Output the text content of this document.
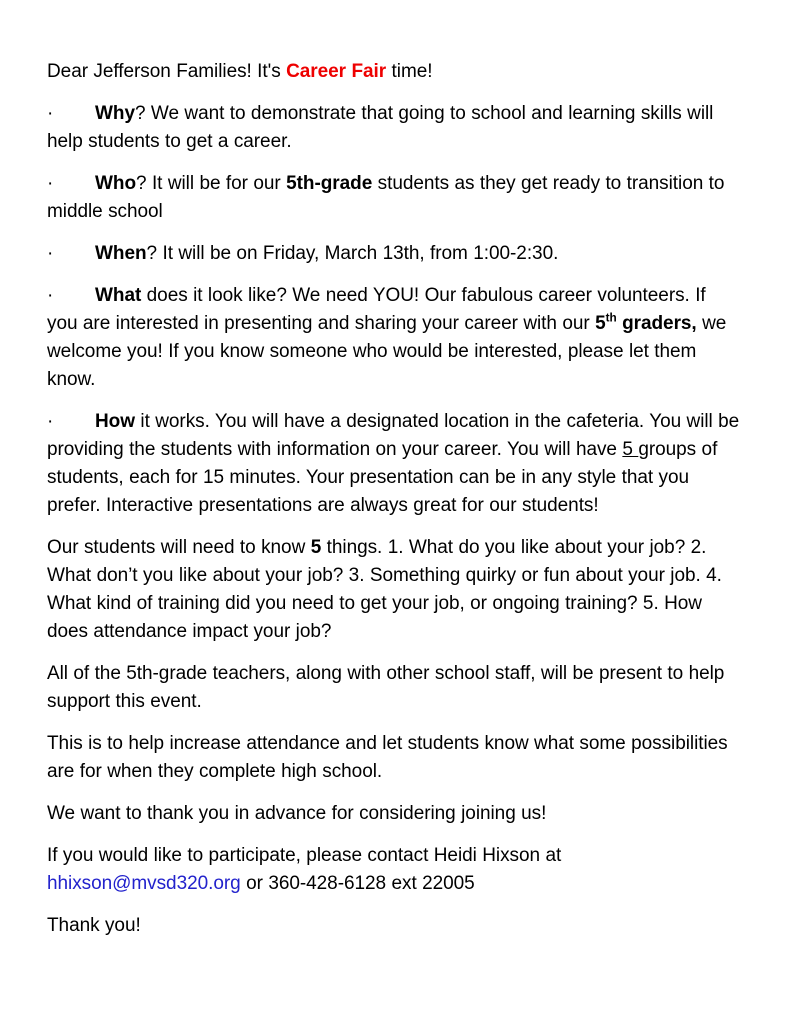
Dear Jefferson Families! It's Career Fair time!

· Why? We want to demonstrate that going to school and learning skills will help students to get a career.

· Who? It will be for our 5th-grade students as they get ready to transition to middle school

· When? It will be on Friday, March 13th, from 1:00-2:30.

· What does it look like? We need YOU! Our fabulous career volunteers. If you are interested in presenting and sharing your career with our 5th graders, we welcome you! If you know someone who would be interested, please let them know.

· How it works. You will have a designated location in the cafeteria. You will be providing the students with information on your career. You will have 5 groups of students, each for 15 minutes. Your presentation can be in any style that you prefer. Interactive presentations are always great for our students!

Our students will need to know 5 things. 1. What do you like about your job? 2. What don’t you like about your job? 3. Something quirky or fun about your job. 4. What kind of training did you need to get your job, or ongoing training? 5. How does attendance impact your job?

All of the 5th-grade teachers, along with other school staff, will be present to help support this event.

This is to help increase attendance and let students know what some possibilities are for when they complete high school.

We want to thank you in advance for considering joining us!

If you would like to participate, please contact Heidi Hixson at hhixson@mvsd320.org or 360-428-6128 ext 22005

Thank you!
